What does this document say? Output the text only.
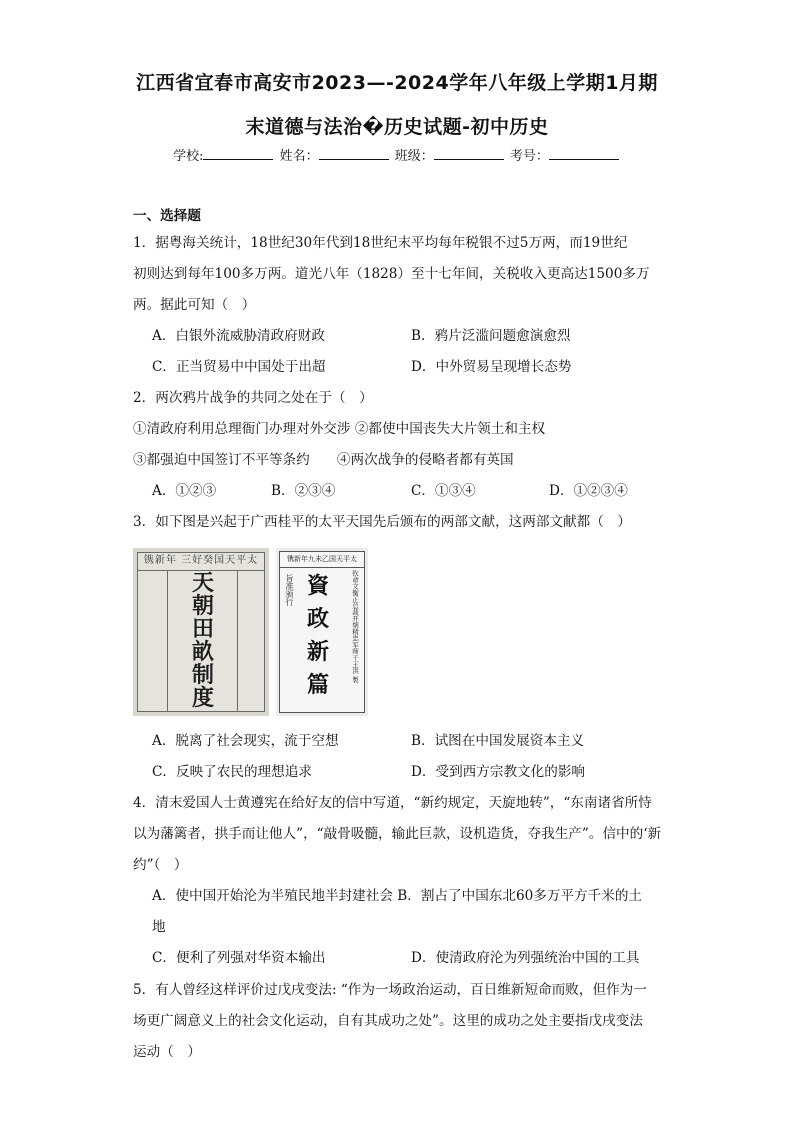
江西省宜春市高安市2023—-2024学年八年级上学期1月期
末道德与法治�历史试题-初中历史
学校:	姓名：	班级：	考号：
一、选择题
1．据粤海关统计，18世纪30年代到18世纪末平均每年税银不过5万两，而19世纪
初则达到每年100多万两。道光八年（1828）至十七年间，关税收入更高达1500多万
两。据此可知（　）
A．白银外流威胁清政府财政	B．鸦片泛滥问题愈演愈烈
C．正当贸易中中国处于出超	D．中外贸易呈现增长态势
2．两次鸦片战争的共同之处在于（　）
①清政府利用总理衙门办理对外交涉 ②都使中国丧失大片领土和主权
③都强迫中国签订不平等条约　　④两次战争的侵略者都有英国
A．①②③	B．②③④	C．①③④	D．①②③④
3．如下图是兴起于广西桂平的太平天国先后颁布的两部文献，这两部文献都（　）
镌新年 三好癸国天平太
天
朝
田
畝
制
度
镌新年九未乙国天平太
旨准颁行 資
政
新
篇
钦命文衡正总裁开朝精忠军师干王洪 製
A．脱离了社会现实，流于空想	B．试图在中国发展资本主义
C．反映了农民的理想追求	D．受到西方宗教文化的影响
4．清末爱国人士黄遵宪在给好友的信中写道，“新约规定，天旋地转”，“东南诸省所恃
以为藩篱者，拱手而让他人”，“敲骨吸髓，输此巨款，设机造货，夺我生产”。信中的‘新
约”（　）
A．使中国开始沦为半殖民地半封建社会 B．割占了中国东北60多万平方千米的土
地
C．便利了列强对华资本输出	D．使清政府沦为列强统治中国的工具
5．有人曾经这样评价过戊戌变法: “作为一场政治运动，百日维新短命而败，但作为一
场更广阔意义上的社会文化运动，自有其成功之处”。这里的成功之处主要指戊戌变法
运动（　）
